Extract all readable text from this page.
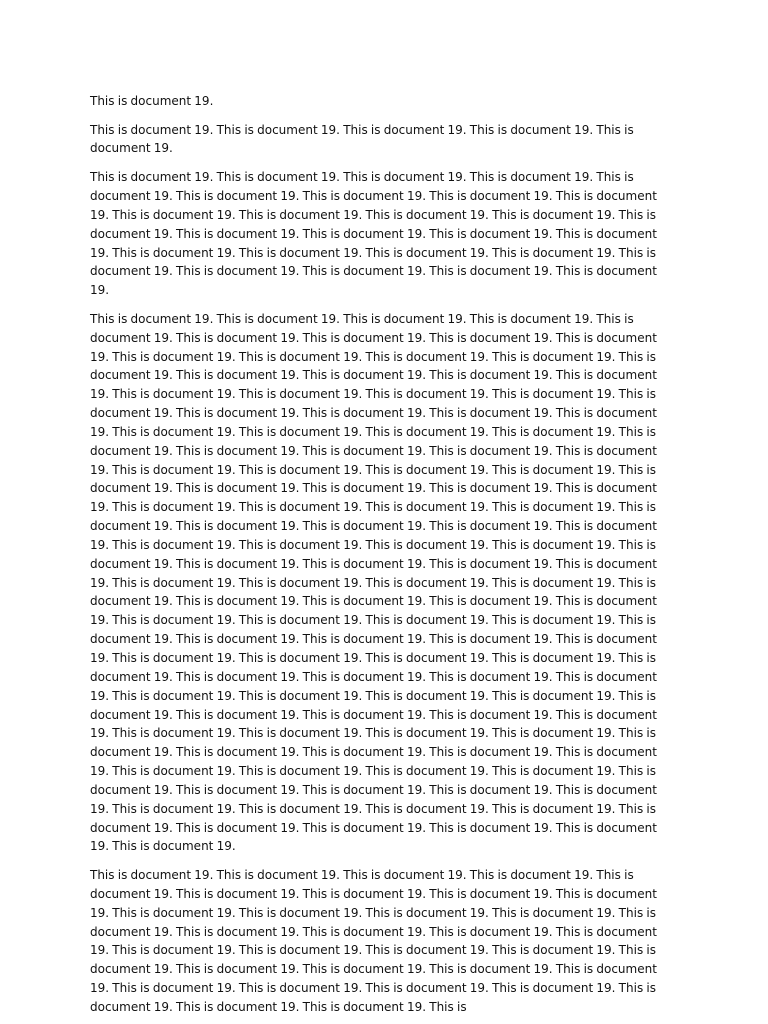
This is document 19.

This is document 19. This is document 19. This is document 19. This is document 19. This is document 19.

This is document 19. This is document 19. This is document 19. This is document 19. This is document 19. This is document 19. This is document 19. This is document 19. This is document 19. This is document 19. This is document 19. This is document 19. This is document 19. This is document 19. This is document 19. This is document 19. This is document 19. This is document 19. This is document 19. This is document 19. This is document 19. This is document 19. This is document 19. This is document 19. This is document 19. This is document 19. This is document 19.

This is document 19. This is document 19. This is document 19. This is document 19. This is document 19. This is document 19. This is document 19. This is document 19. This is document 19. This is document 19. This is document 19. This is document 19. This is document 19. This is document 19. This is document 19. This is document 19. This is document 19. This is document 19. This is document 19. This is document 19. This is document 19. This is document 19. This is document 19. This is document 19. This is document 19. This is document 19. This is document 19. This is document 19. This is document 19. This is document 19. This is document 19. This is document 19. This is document 19. This is document 19. This is document 19. This is document 19. This is document 19. This is document 19. This is document 19. This is document 19. This is document 19. This is document 19. This is document 19. This is document 19. This is document 19. This is document 19. This is document 19. This is document 19. This is document 19. This is document 19. This is document 19. This is document 19. This is document 19. This is document 19. This is document 19. This is document 19. This is document 19. This is document 19. This is document 19. This is document 19. This is document 19. This is document 19. This is document 19. This is document 19. This is document 19. This is document 19. This is document 19. This is document 19. This is document 19. This is document 19. This is document 19. This is document 19. This is document 19. This is document 19. This is document 19. This is document 19. This is document 19. This is document 19. This is document 19. This is document 19. This is document 19. This is document 19. This is document 19. This is document 19. This is document 19. This is document 19. This is document 19. This is document 19. This is document 19. This is document 19. This is document 19. This is document 19. This is document 19. This is document 19. This is document 19. This is document 19. This is document 19. This is document 19. This is document 19. This is document 19. This is document 19. This is document 19. This is document 19. This is document 19. This is document 19. This is document 19. This is document 19. This is document 19. This is document 19. This is document 19. This is document 19. This is document 19. This is document 19. This is document 19. This is document 19. This is document 19. This is document 19. This is document 19. This is document 19. This is document 19. This is document 19. This is document 19. This is document 19. This is document 19. This is document 19. This is document 19. This is document 19.

This is document 19. This is document 19. This is document 19. This is document 19. This is document 19. This is document 19. This is document 19. This is document 19. This is document 19. This is document 19. This is document 19. This is document 19. This is document 19. This is document 19. This is document 19. This is document 19. This is document 19. This is document 19. This is document 19. This is document 19. This is document 19. This is document 19. This is document 19. This is document 19. This is document 19. This is document 19. This is document 19. This is document 19. This is document 19. This is document 19. This is document 19. This is document 19. This is document 19. This is document 19. This is
